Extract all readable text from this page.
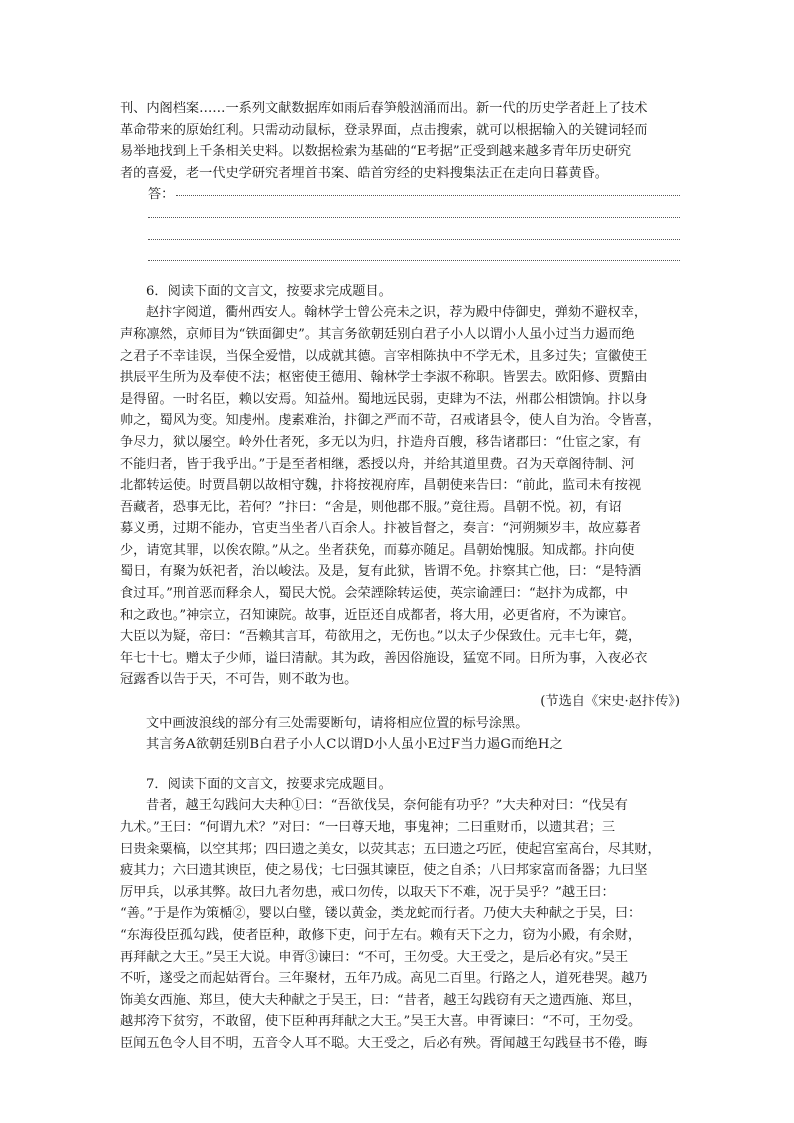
刊、内阁档案……一系列文献数据库如雨后春笋般汹涌而出。新一代的历史学者赶上了技术

革命带来的原始红利。只需动动鼠标，登录界面，点击搜索，就可以根据输入的关键词轻而

易举地找到上千条相关史料。以数据检索为基础的“E考据”正受到越来越多青年历史研究

者的喜爱，老一代史学研究者埋首书案、皓首穷经的史料搜集法正在走向日暮黄昏。

答：

6．阅读下面的文言文，按要求完成题目。

赵抃字阅道，衢州西安人。翰林学士曾公亮未之识，荐为殿中侍御史，弹劾不避权幸，

声称凛然，京师目为“铁面御史”。其言务欲朝廷别白君子小人以谓小人虽小过当力遏而绝

之君子不幸诖误，当保全爱惜，以成就其德。言宰相陈执中不学无术，且多过失；宣徽使王

拱辰平生所为及奉使不法；枢密使王德用、翰林学士李淑不称职。皆罢去。欧阳修、贾黯由

是得留。一时名臣，赖以安焉。知益州。蜀地远民弱，吏肆为不法，州郡公相馈饷。抃以身

帅之，蜀风为变。知虔州。虔素难治，抃御之严而不苛，召戒诸县令，使人自为治。令皆喜，

争尽力，狱以屡空。岭外仕者死，多无以为归，抃造舟百艘，移告诸郡曰：“仕宦之家，有

不能归者，皆于我乎出。”于是至者相继，悉授以舟，并给其道里费。召为天章阁待制、河

北都转运使。时贾昌朝以故相守魏，抃将按视府库，昌朝使来告曰：“前此，监司未有按视

吾藏者，恐事无比，若何？”抃曰：“舍是，则他郡不服。”竟往焉。昌朝不悦。初，有诏

募义勇，过期不能办，官吏当坐者八百余人。抃被旨督之，奏言：“河朔频岁丰，故应募者

少，请宽其罪，以俟农隙。”从之。坐者获免，而募亦随足。昌朝始愧服。知成都。抃向使

蜀日，有聚为妖祀者，治以峻法。及是，复有此狱，皆谓不免。抃察其亡他，曰：“是特酒

食过耳。”刑首恶而释余人，蜀民大悦。会荣諲除转运使，英宗谕諲曰：“赵抃为成都，中

和之政也。”神宗立，召知谏院。故事，近臣还自成都者，将大用，必更省府，不为谏官。

大臣以为疑，帝曰：“吾赖其言耳，苟欲用之，无伤也。”以太子少保致仕。元丰七年，薨，

年七十七。赠太子少师，谥曰清献。其为政，善因俗施设，猛宽不同。日所为事，入夜必衣

冠露香以告于天，不可告，则不敢为也。

(节选自《宋史·赵抃传》)

文中画波浪线的部分有三处需要断句，请将相应位置的标号涂黑。

其言务A欲朝廷别B白君子小人C以谓D小人虽小E过F当力遏G而绝H之

7．阅读下面的文言文，按要求完成题目。

昔者，越王勾践问大夫种①曰：“吾欲伐吴，奈何能有功乎？”大夫种对曰：“伐吴有

九术。”王曰：“何谓九术？”对曰：“一曰尊天地，事鬼神；二曰重财币，以遗其君；三

曰贵籴粟槁，以空其邦；四曰遗之美女，以荧其志；五曰遗之巧匠，使起宫室高台，尽其财，

疲其力；六曰遗其谀臣，使之易伐；七曰强其谏臣，使之自杀；八曰邦家富而备器；九曰坚

厉甲兵，以承其弊。故曰九者勿患，戒口勿传，以取天下不难，况于吴乎？”越王曰：

“善。”于是作为策楯②，婴以白璧，镂以黄金，类龙蛇而行者。乃使大夫种献之于吴，曰：

“东海役臣孤勾践，使者臣种，敢修下吏，问于左右。赖有天下之力，窃为小殿，有余财，

再拜献之大王。”吴王大说。申胥③谏曰：“不可，王勿受。大王受之，是后必有灾。”吴王

不听，遂受之而起姑胥台。三年聚材，五年乃成。高见二百里。行路之人，道死巷哭。越乃

饰美女西施、郑旦，使大夫种献之于吴王，曰：“昔者，越王勾践窃有天之遗西施、郑旦，

越邦洿下贫穷，不敢留，使下臣种再拜献之大王。”吴王大喜。申胥谏曰：“不可，王勿受。

臣闻五色令人目不明，五音令人耳不聪。大王受之，后必有殃。胥闻越王勾践昼书不倦，晦
